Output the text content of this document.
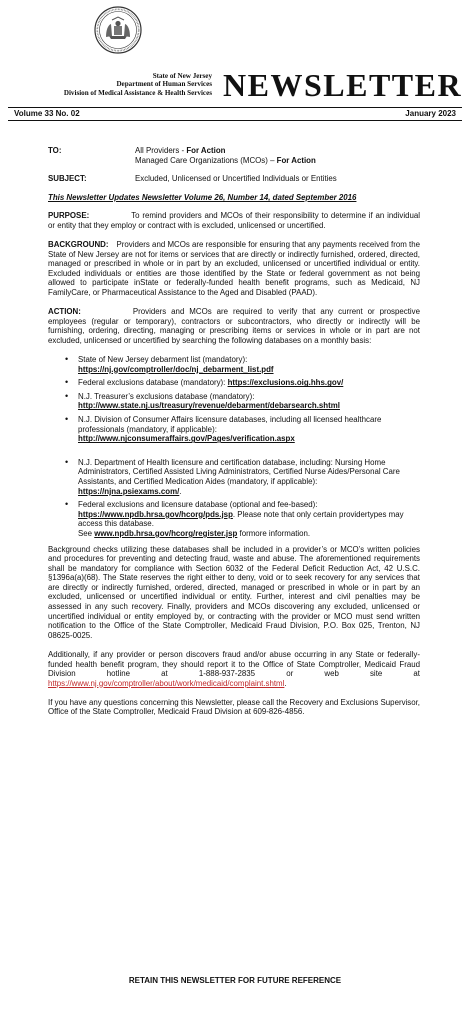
State of New Jersey
Department of Human Services
Division of Medical Assistance & Health Services NEWSLETTER
Volume 33 No. 02	January 2023
TO:	All Providers - For Action
Managed Care Organizations (MCOs) – For Action
SUBJECT:	Excluded, Unlicensed or Uncertified Individuals or Entities
This Newsletter Updates Newsletter Volume 26, Number 14, dated September 2016

PURPOSE:	To remind providers and MCOs of their responsibility to determine if an individual or entity that they employ or contract with is excluded, unlicensed or uncertified.

BACKGROUND: Providers and MCOs are responsible for ensuring that any payments received from the State of New Jersey are not for items or services that are directly or indirectly furnished, ordered, directed, managed or prescribed in whole or in part by an excluded, unlicensed or uncertified individual or entity. Excluded individuals or entities are those identified by the State or federal government as not being allowed to participate inState or federally-funded health benefit programs, such as Medicaid, NJ FamilyCare, or Pharmaceutical Assistance to the Aged and Disabled (PAAD).

ACTION:	Providers and MCOs are required to verify that any current or prospective employees (regular or temporary), contractors or subcontractors, who directly or indirectly will be furnishing, ordering, directing, managing or prescribing items or services in whole or in part are not excluded, unlicensed or uncertified by searching the following databases on a monthly basis:

• State of New Jersey debarment list (mandatory):
https://nj.gov/comptroller/doc/nj_debarment_list.pdf
• Federal exclusions database (mandatory): https://exclusions.oig.hhs.gov/
• N.J. Treasurer’s exclusions database (mandatory):
http://www.state.nj.us/treasury/revenue/debarment/debarsearch.shtml
• N.J. Division of Consumer Affairs licensure databases, including all licensed healthcare professionals (mandatory, if applicable):
http://www.njconsumeraffairs.gov/Pages/verification.aspx
• N.J. Department of Health licensure and certification database, including: Nursing Home Administrators, Certified Assisted Living Administrators, Certified Nurse Aides/Personal Care Assistants, and Certified Medication Aides (mandatory, if applicable): https://njna.psiexams.com/.
• Federal exclusions and licensure database (optional and fee-based):
https://www.npdb.hrsa.gov/hcorg/pds.jsp. Please note that only certain providertypes may access this database.
See www.npdb.hrsa.gov/hcorg/register.jsp formore information.

Background checks utilizing these databases shall be included in a provider’s or MCO’s written policies and procedures for preventing and detecting fraud, waste and abuse. The aforementioned requirements shall be mandatory for compliance with Section 6032 of the Federal Deficit Reduction Act, 42 U.S.C. §1396a(a)(68). The State reserves the right either to deny, void or to seek recovery for any services that are directly or indirectly furnished, ordered, directed, managed or prescribed in whole or in part by an excluded, unlicensed or uncertified individual or entity. Further, interest and civil penalties may be assessed in any such recovery. Finally, providers and MCOs discovering any excluded, unlicensed or uncertified individual or entity employed by, or contracting with the provider or MCO must send written notification to the Office of the State Comptroller, Medicaid Fraud Division, P.O. Box 025, Trenton, NJ 08625-0025.

Additionally, if any provider or person discovers fraud and/or abuse occurring in any State or federally-funded health benefit program, they should report it to the Office of State Comptroller, Medicaid Fraud Division hotline at 1-888-937-2835 or web site at https://www.nj.gov/comptroller/about/work/medicaid/complaint.shtml.

If you have any questions concerning this Newsletter, please call the Recovery and Exclusions Supervisor, Office of the State Comptroller, Medicaid Fraud Division at 609-826-4856.

RETAIN THIS NEWSLETTER FOR FUTURE REFERENCE
